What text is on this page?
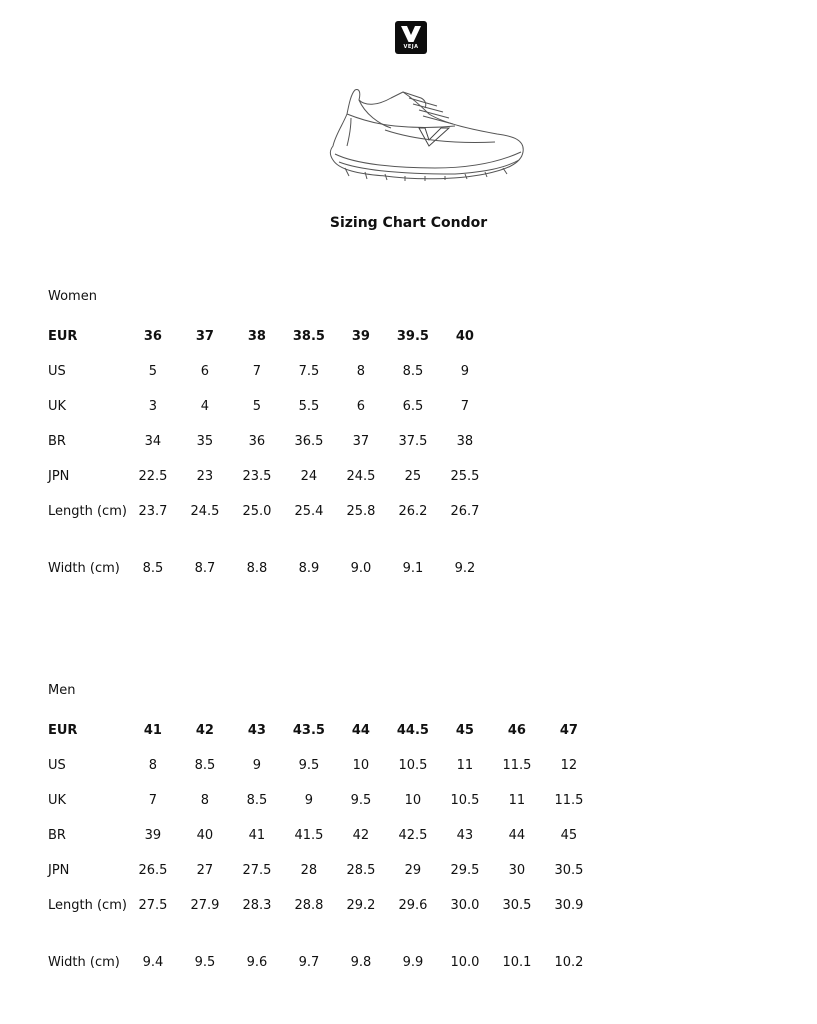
VEJA
Sizing Chart Condor
Women
EUR	36	37	38	38.5	39	39.5	40
US	5	6	7	7.5	8	8.5	9
UK	3	4	5	5.5	6	6.5	7
BR	34	35	36	36.5	37	37.5	38
JPN	22.5	23	23.5	24	24.5	25	25.5
Length (cm)	23.7	24.5	25.0	25.4	25.8	26.2	26.7
Width (cm)	8.5	8.7	8.8	8.9	9.0	9.1	9.2
Men
EUR	41	42	43	43.5	44	44.5	45	46	47
US	8	8.5	9	9.5	10	10.5	11	11.5	12
UK	7	8	8.5	9	9.5	10	10.5	11	11.5
BR	39	40	41	41.5	42	42.5	43	44	45
JPN	26.5	27	27.5	28	28.5	29	29.5	30	30.5
Length (cm)	27.5	27.9	28.3	28.8	29.2	29.6	30.0	30.5	30.9
Width (cm)	9.4	9.5	9.6	9.7	9.8	9.9	10.0	10.1	10.2
